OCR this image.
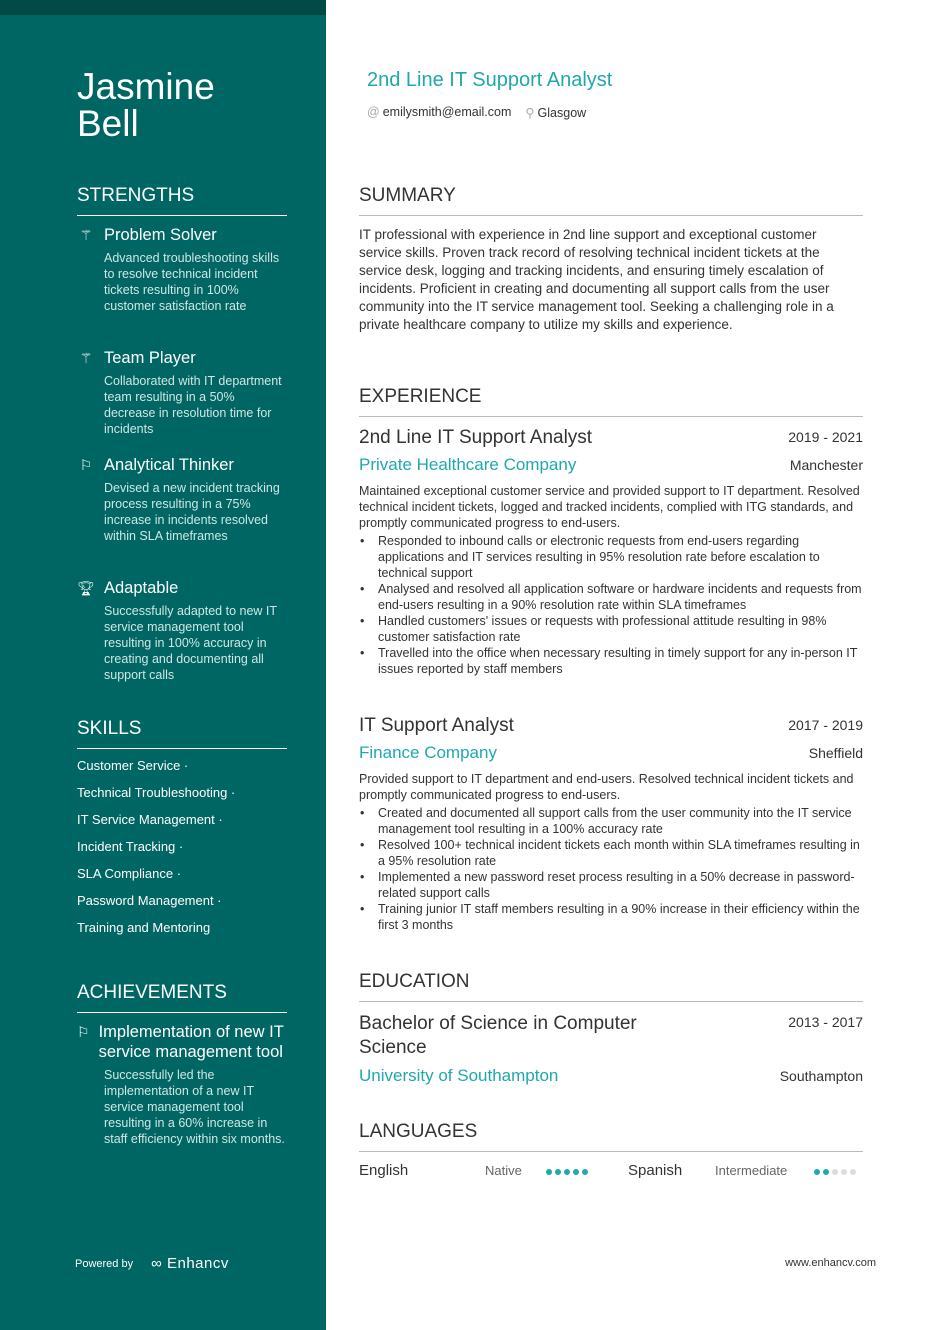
Jasmine
Bell
STRENGTHS
⚚ Problem Solver
Advanced troubleshooting skills to resolve technical incident tickets resulting in 100% customer satisfaction rate
⚚ Team Player
Collaborated with IT department team resulting in a 50% decrease in resolution time for incidents
⚐ Analytical Thinker
Devised a new incident tracking process resulting in a 75% increase in incidents resolved within SLA timeframes
🏆︎ Adaptable
Successfully adapted to new IT service management tool resulting in 100% accuracy in creating and documenting all support calls
SKILLS
Customer Service ·
Technical Troubleshooting ·
IT Service Management ·
Incident Tracking ·
SLA Compliance ·
Password Management ·
Training and Mentoring
ACHIEVEMENTS
⚐ Implementation of new IT service management tool
Successfully led the implementation of a new IT service management tool resulting in a 60% increase in staff efficiency within six months.
Powered by ∞ Enhancv
2nd Line IT Support Analyst
@ emilysmith@email.com ⚲ Glasgow
SUMMARY
IT professional with experience in 2nd line support and exceptional customer service skills. Proven track record of resolving technical incident tickets at the service desk, logging and tracking incidents, and ensuring timely escalation of incidents. Proficient in creating and documenting all support calls from the user community into the IT service management tool. Seeking a challenging role in a private healthcare company to utilize my skills and experience.
EXPERIENCE
2nd Line IT Support Analyst	2019 - 2021
Private Healthcare Company	Manchester
Maintained exceptional customer service and provided support to IT department. Resolved technical incident tickets, logged and tracked incidents, complied with ITG standards, and promptly communicated progress to end-users.
• Responded to inbound calls or electronic requests from end-users regarding applications and IT services resulting in 95% resolution rate before escalation to technical support
• Analysed and resolved all application software or hardware incidents and requests from end-users resulting in a 90% resolution rate within SLA timeframes
• Handled customers' issues or requests with professional attitude resulting in 98% customer satisfaction rate
• Travelled into the office when necessary resulting in timely support for any in-person IT issues reported by staff members
IT Support Analyst	2017 - 2019
Finance Company	Sheffield
Provided support to IT department and end-users. Resolved technical incident tickets and promptly communicated progress to end-users.
• Created and documented all support calls from the user community into the IT service management tool resulting in a 100% accuracy rate
• Resolved 100+ technical incident tickets each month within SLA timeframes resulting in a 95% resolution rate
• Implemented a new password reset process resulting in a 50% decrease in password-related support calls
• Training junior IT staff members resulting in a 90% increase in their efficiency within the first 3 months
EDUCATION
Bachelor of Science in Computer Science
2013 - 2017
University of Southampton	Southampton
LANGUAGES
English	Native	Spanish	Intermediate
www.enhancv.com
